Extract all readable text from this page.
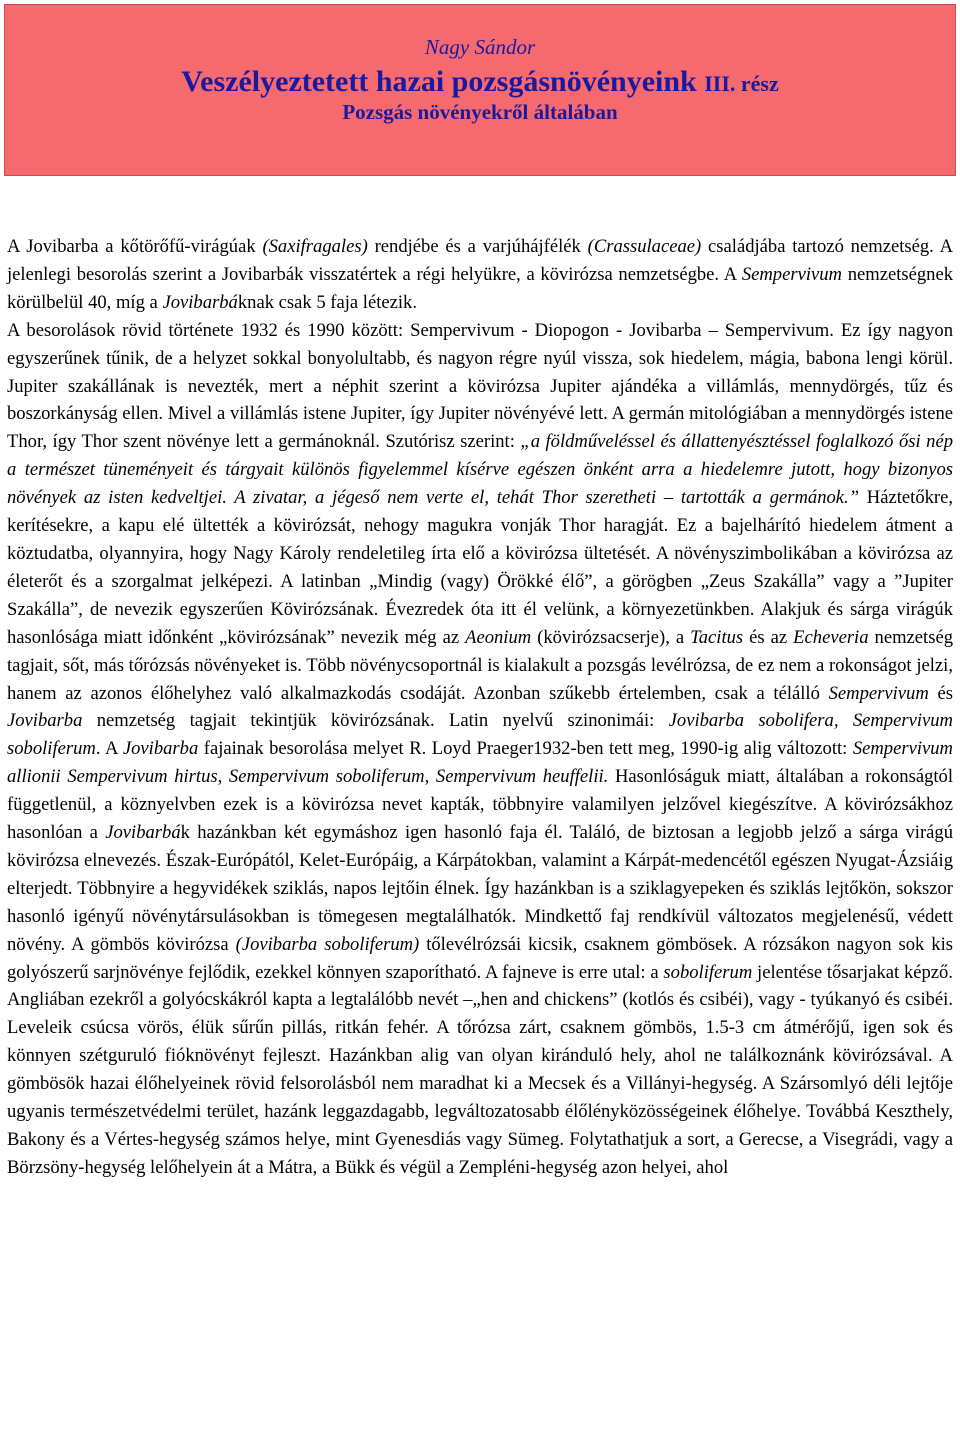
Nagy Sándor
Veszélyeztetett hazai pozsgásnövényeink III. rész
Pozsgás növényekről általában

A Jovibarba a kőtörőfű-virágúak (Saxifragales) rendjébe és a varjúhájfélék (Crassulaceae) családjába tartozó nemzetség. A jelenlegi besorolás szerint a Jovibarbák visszatértek a régi helyükre, a kövirózsa nemzetségbe. A Sempervivum nemzetségnek körülbelül 40, míg a Jovibarbáknak csak 5 faja létezik.

A besorolások rövid története 1932 és 1990 között: Sempervivum - Diopogon - Jovibarba – Sempervivum. Ez így nagyon egyszerűnek tűnik, de a helyzet sokkal bonyolultabb, és nagyon régre nyúl vissza, sok hiedelem, mágia, babona lengi körül. Jupiter szakállának is nevezték, mert a néphit szerint a kövirózsa Jupiter ajándéka a villámlás, mennydörgés, tűz és boszorkányság ellen. Mivel a villámlás istene Jupiter, így Jupiter növényévé lett. A germán mitológiában a mennydörgés istene Thor, így Thor szent növénye lett a germánoknál. Szutórisz szerint: „a földműveléssel és állattenyésztéssel foglalkozó ősi nép a természet tüneményeit és tárgyait különös figyelemmel kísérve egészen önként arra a hiedelemre jutott, hogy bizonyos növények az isten kedveltjei. A zivatar, a jégeső nem verte el, tehát Thor szeretheti – tartották a germánok.” Háztetőkre, kerítésekre, a kapu elé ültették a kövirózsát, nehogy magukra vonják Thor haragját. Ez a bajelhárító hiedelem átment a köztudatba, olyannyira, hogy Nagy Károly rendeletileg írta elő a kövirózsa ültetését. A növényszimbolikában a kövirózsa az életerőt és a szorgalmat jelképezi. A latinban „Mindig (vagy) Örökké élő”, a görögben „Zeus Szakálla” vagy a ”Jupiter Szakálla”, de nevezik egyszerűen Kövirózsának. Évezredek óta itt él velünk, a környezetünkben. Alakjuk és sárga virágúk hasonlósága miatt időnként „kövirózsának” nevezik még az Aeonium (kövirózsacserje), a Tacitus és az Echeveria nemzetség tagjait, sőt, más tőrózsás növényeket is. Több növénycsoportnál is kialakult a pozsgás levélrózsa, de ez nem a rokonságot jelzi, hanem az azonos élőhelyhez való alkalmazkodás csodáját. Azonban szűkebb értelemben, csak a télálló Sempervivum és Jovibarba nemzetség tagjait tekintjük kövirózsának. Latin nyelvű szinonimái: Jovibarba sobolifera, Sempervivum soboliferum. A Jovibarba fajainak besorolása melyet R. Loyd Praeger1932-ben tett meg, 1990-ig alig változott: Sempervivum allionii Sempervivum hirtus, Sempervivum soboliferum, Sempervivum heuffelii. Hasonlóságuk miatt, általában a rokonságtól függetlenül, a köznyelvben ezek is a kövirózsa nevet kapták, többnyire valamilyen jelzővel kiegészítve. A kövirózsákhoz hasonlóan a Jovibarbák hazánkban két egymáshoz igen hasonló faja él. Találó, de biztosan a legjobb jelző a sárga virágú kövirózsa elnevezés. Észak-Európától, Kelet-Európáig, a Kárpátokban, valamint a Kárpát-medencétől egészen Nyugat-Ázsiáig elterjedt. Többnyire a hegyvidékek sziklás, napos lejtőin élnek. Így hazánkban is a sziklagyepeken és sziklás lejtőkön, sokszor hasonló igényű növénytársulásokban is tömegesen megtalálhatók. Mindkettő faj rendkívül változatos megjelenésű, védett növény. A gömbös kövirózsa (Jovibarba soboliferum) tőlevélrózsái kicsik, csaknem gömbösek. A rózsákon nagyon sok kis golyószerű sarjnövénye fejlődik, ezekkel könnyen szaporítható. A fajneve is erre utal: a soboliferum jelentése tősarjakat képző. Angliában ezekről a golyócskákról kapta a legtalálóbb nevét –„hen and chickens” (kotlós és csibéi), vagy - tyúkanyó és csibéi. Leveleik csúcsa vörös, élük sűrűn pillás, ritkán fehér. A tőrózsa zárt, csaknem gömbös, 1.5-3 cm átmérőjű, igen sok és könnyen szétguruló fióknövényt fejleszt. Hazánkban alig van olyan kiránduló hely, ahol ne találkoznánk kövirózsával. A gömbösök hazai élőhelyeinek rövid felsorolásból nem maradhat ki a Mecsek és a Villányi-hegység. A Szársomlyó déli lejtője ugyanis természetvédelmi terület, hazánk leggazdagabb, legváltozatosabb élőlényközösségeinek élőhelye. Továbbá Keszthely, Bakony és a Vértes-hegység számos helye, mint Gyenesdiás vagy Sümeg. Folytathatjuk a sort, a Gerecse, a Visegrádi, vagy a Börzsöny-hegység lelőhelyein át a Mátra, a Bükk és végül a Zempléni-hegység azon helyei, ahol
